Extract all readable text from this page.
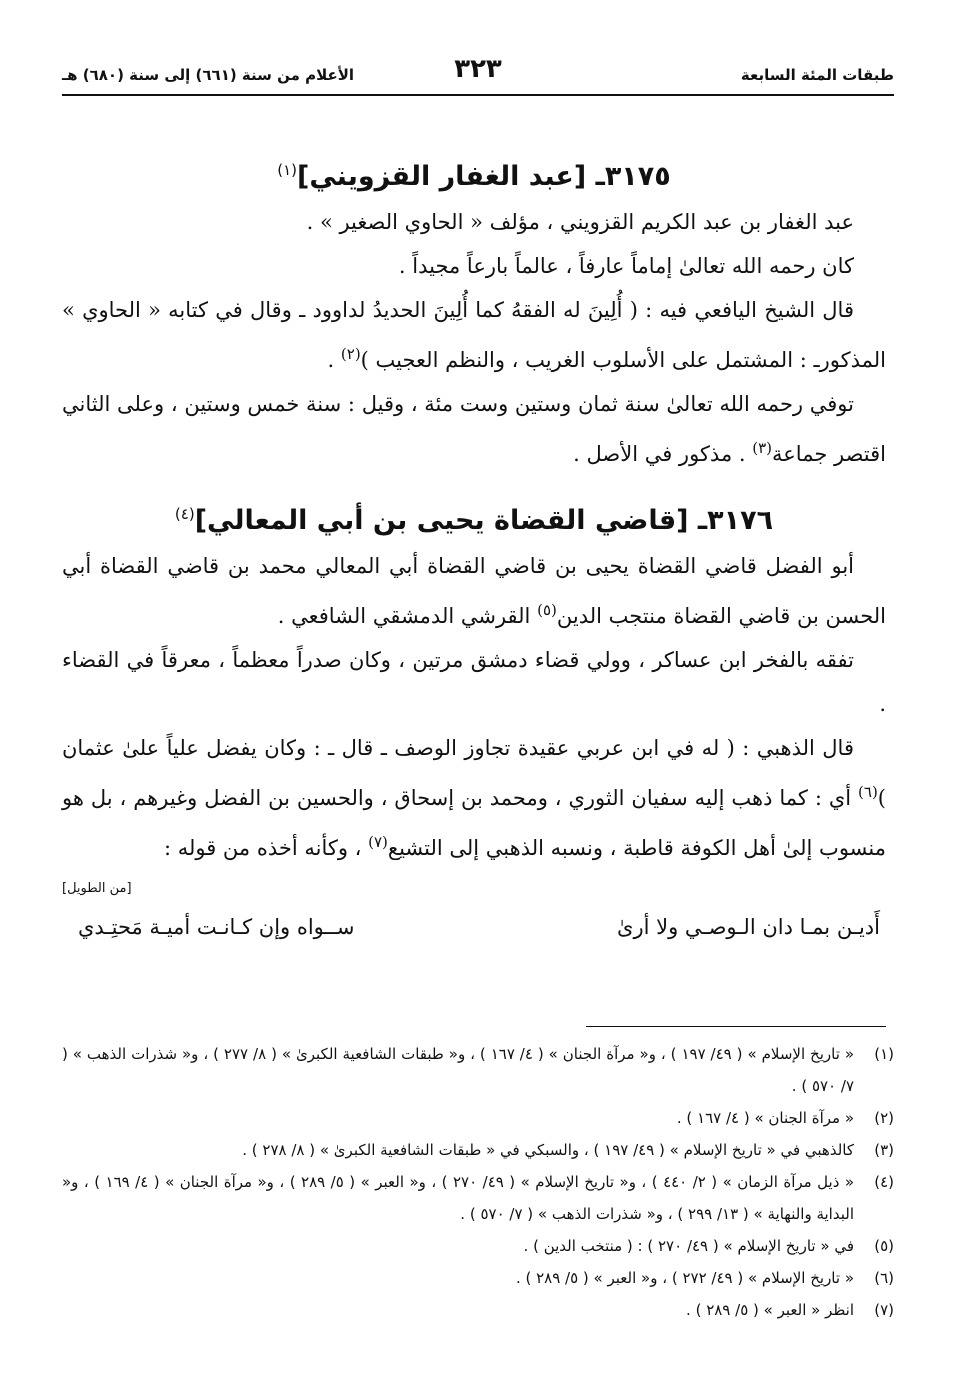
طبقات المئة السابعة
٣٢٣
الأعلام من سنة (٦٦١) إلى سنة (٦٨٠) هـ
٣١٧٥ـ [عبد الغفار القزويني]$^{(١)}$

عبد الغفار بن عبد الكريم القزويني ، مؤلف « الحاوي الصغير » .

كان رحمه الله تعالىٰ إماماً عارفاً ، عالماً بارعاً مجيداً .

قال الشيخ اليافعي فيه : ( أُلِينَ له الفقهُ كما أُلِينَ الحديدُ لداوود ـ وقال في كتابه « الحاوي » المذكورـ : المشتمل على الأسلوب الغريب ، والنظم العجيب )$^{(٢)}$ .

توفي رحمه الله تعالىٰ سنة ثمان وستين وست مئة ، وقيل : سنة خمس وستين ، وعلى الثاني اقتصر جماعة$^{(٣)}$ . مذكور في الأصل .

٣١٧٦ـ [قاضي القضاة يحيى بن أبي المعالي]$^{(٤)}$

أبو الفضل قاضي القضاة يحيى بن قاضي القضاة أبي المعالي محمد بن قاضي القضاة أبي الحسن بن قاضي القضاة منتجب الدين$^{(٥)}$ القرشي الدمشقي الشافعي .

تفقه بالفخر ابن عساكر ، وولي قضاء دمشق مرتين ، وكان صدراً معظماً ، معرقاً في القضاء .

قال الذهبي : ( له في ابن عربي عقيدة تجاوز الوصف ـ قال ـ : وكان يفضل علياً علىٰ عثمان )$^{(٦)}$ أي : كما ذهب إليه سفيان الثوري ، ومحمد بن إسحاق ، والحسين بن الفضل وغيرهم ، بل هو منسوب إلىٰ أهل الكوفة قاطبة ، ونسبه الذهبي إلى التشيع$^{(٧)}$ ، وكأنه أخذه من قوله :

[من الطويل]
أَديـن بمـا دان الـوصـي ولا أرىٰ
ســواه وإن كـانـت أميـة مَحتِـدي
(١)
« تاريخ الإسلام » ( ٤٩/ ١٩٧ ) ، و« مرآة الجنان » ( ٤/ ١٦٧ ) ، و« طبقات الشافعية الكبرىٰ » ( ٨/ ٢٧٧ ) ، و« شذرات الذهب » ( ٧/ ٥٧٠ ) .
(٢)
« مرآة الجنان » ( ٤/ ١٦٧ ) .
(٣)
كالذهبي في « تاريخ الإسلام » ( ٤٩/ ١٩٧ ) ، والسبكي في « طبقات الشافعية الكبرىٰ » ( ٨/ ٢٧٨ ) .
(٤)
« ذيل مرآة الزمان » ( ٢/ ٤٤٠ ) ، و« تاريخ الإسلام » ( ٤٩/ ٢٧٠ ) ، و« العبر » ( ٥/ ٢٨٩ ) ، و« مرآة الجنان » ( ٤/ ١٦٩ ) ، و« البداية والنهاية » ( ١٣/ ٢٩٩ ) ، و« شذرات الذهب » ( ٧/ ٥٧٠ ) .
(٥)
في « تاريخ الإسلام » ( ٤٩/ ٢٧٠ ) : ( منتخب الدين ) .
(٦)
« تاريخ الإسلام » ( ٤٩/ ٢٧٢ ) ، و« العبر » ( ٥/ ٢٨٩ ) .
(٧)
انظر « العبر » ( ٥/ ٢٨٩ ) .
